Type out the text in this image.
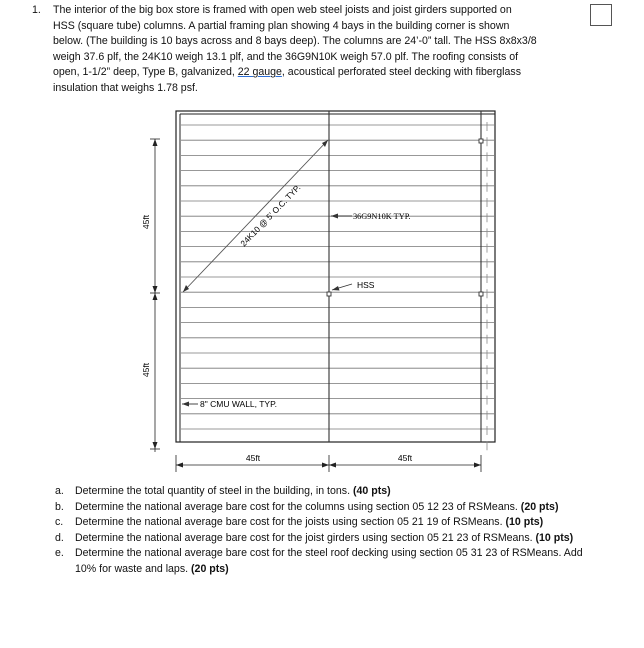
1. The interior of the big box store is framed with open web steel joists and joist girders supported on
HSS (square tube) columns. A partial framing plan showing 4 bays in the building corner is shown
below. (The building is 10 bays across and 8 bays deep). The columns are 24’-0” tall. The HSS 8x8x3/8
weigh 37.6 plf, the 24K10 weigh 13.1 plf, and the 36G9N10K weigh 57.0 plf. The roofing consists of
open, 1-1/2” deep, Type B, galvanized, 22 gauge, acoustical perforated steel decking with fiberglass
insulation that weighs 1.78 psf.
45ft
45ft
45ft	45ft
24K10 @ 5' O.C. TYP.	36G9N10K TYP.
HSS
8" CMU WALL, TYP.
a. Determine the total quantity of steel in the building, in tons. (40 pts)
b. Determine the national average bare cost for the columns using section 05 12 23 of RSMeans. (20 pts)
c. Determine the national average bare cost for the joists using section 05 21 19 of RSMeans. (10 pts)
d. Determine the national average bare cost for the joist girders using section 05 21 23 of RSMeans. (10 pts)
e. Determine the national average bare cost for the steel roof decking using section 05 31 23 of RSMeans. Add 10% for waste and laps. (20 pts)
